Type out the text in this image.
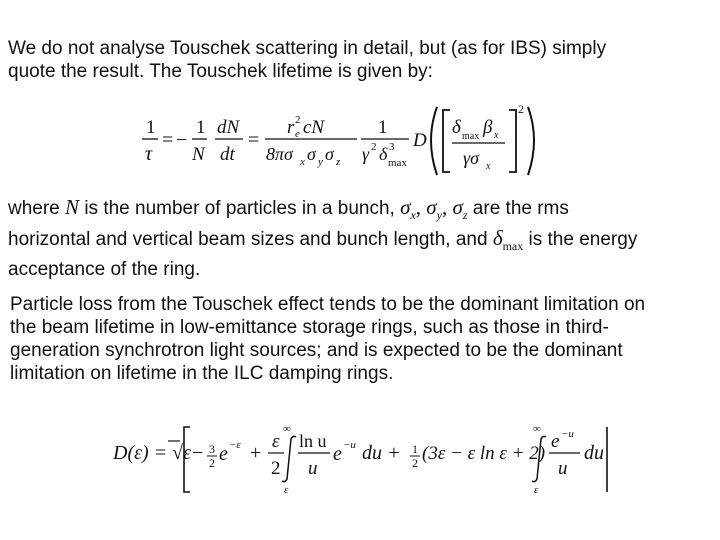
We do not analyse Touschek scattering in detail, but (as for IBS) simply
quote the result. The Touschek lifetime is given by:
1
τ
= −
1
N
dN
dt
=
r e
2 cN
8πσ x σ y σ z
1
γ 2 δ 3
max
D
2
δ max β x
γσ x
where N is the number of particles in a bunch, $\sigma_x$, $\sigma_y$, $\sigma_z$ are the rms
horizontal and vertical beam sizes and bunch length, and $\delta_{max}$ is the energy
acceptance of the ring.
Particle loss from the Touschek effect tends to be the dominant limitation on
the beam lifetime in low-emittance storage rings, such as those in third-
generation synchrotron light sources; and is expected to be the dominant
limitation on lifetime in the ILC damping rings.
D(ε) = √ε − 3
2 e −ε +
ε
2
∞
ε
ln u
u
e −u du + 1
2 (3ε − ε ln ε + 2)
∞
ε
e −u
u
du
